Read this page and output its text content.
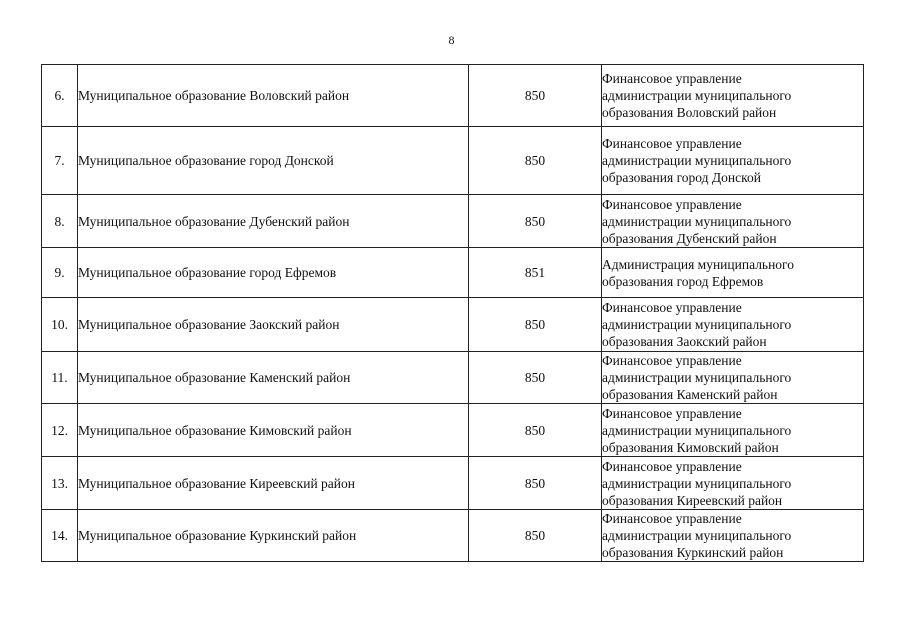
8
6.	Муниципальное образование Воловский район	850	Финансовое управление
администрации муниципального
образования Воловский район

7.	Муниципальное образование город Донской	850	Финансовое управление
администрации муниципального
образования город Донской

8.	Муниципальное образование Дубенский район	850	Финансовое управление
администрации муниципального
образования Дубенский район

9.	Муниципальное образование город Ефремов	851	Администрация муниципального
образования город Ефремов

10.	Муниципальное образование Заокский район	850	Финансовое управление
администрации муниципального
образования Заокский район

11.	Муниципальное образование Каменский район	850	Финансовое управление
администрации муниципального
образования Каменский район

12.	Муниципальное образование Кимовский район	850	Финансовое управление
администрации муниципального
образования Кимовский район

13.	Муниципальное образование Киреевский район	850	Финансовое управление
администрации муниципального
образования Киреевский район

14.	Муниципальное образование Куркинский район	850	Финансовое управление
администрации муниципального
образования Куркинский район
